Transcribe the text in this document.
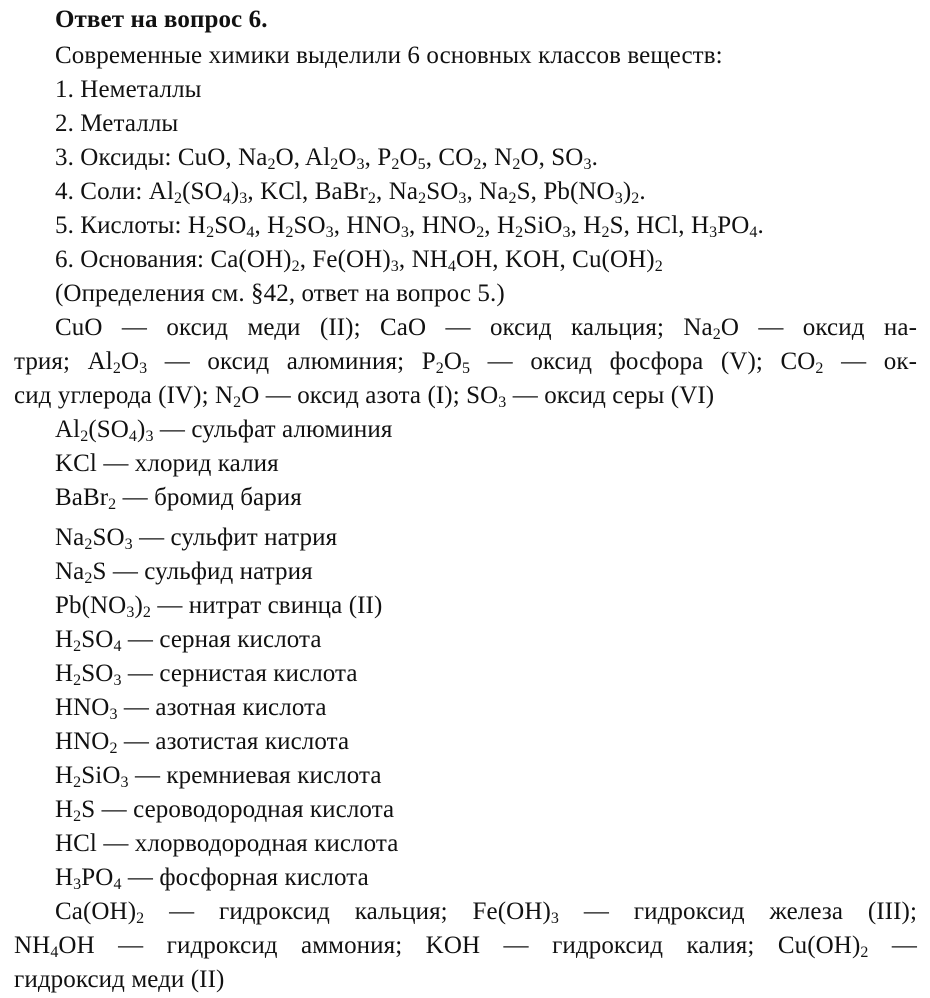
Ответ на вопрос 6.
Современные химики выделили 6 основных классов веществ:
1. Неметаллы
2. Металлы
3. Оксиды: CuO, $Na_2O$, $Al_2O_3$, $P_2O_5$, $CO_2$, $N_2O$, $SO_3$.
4. Соли: $Al_2(SO_4)_3$, KCl, BaBr$_2$, $Na_2SO_3$, $Na_2S$, $Pb(NO_3)_2$.
5. Кислоты: $H_2SO_4$, $H_2SO_3$, $HNO_3$, $HNO_2$, $H_2SiO_3$, $H_2S$, HCl, $H_3PO_4$.
6. Основания: $Ca(OH)_2$, $Fe(OH)_3$, $NH_4OH$, KOH, $Cu(OH)_2$
(Определения см. §42, ответ на вопрос 5.)
CuO — оксид меди (II); CaO — оксид кальция; $Na_2O$ — оксид на-
трия; $Al_2O_3$ — оксид алюминия; $P_2O_5$ — оксид фосфора (V); $CO_2$ — ок-
сид углерода (IV); $N_2O$ — оксид азота (I); $SO_3$ — оксид серы (VI)
$Al_2(SO_4)_3$ — сульфат алюминия
KCl — хлорид калия
BaBr$_2$ — бромид бария
$Na_2SO_3$ — сульфит натрия
$Na_2S$ — сульфид натрия
$Pb(NO_3)_2$ — нитрат свинца (II)
$H_2SO_4$ — серная кислота
$H_2SO_3$ — сернистая кислота
$HNO_3$ — азотная кислота
$HNO_2$ — азотистая кислота
$H_2SiO_3$ — кремниевая кислота
$H_2S$ — сероводородная кислота
HCl — хлорводородная кислота
$H_3PO_4$ — фосфорная кислота
$Ca(OH)_2$ — гидроксид кальция; $Fe(OH)_3$ — гидроксид железа (III);
$NH_4OH$ — гидроксид аммония; KOH — гидроксид калия; $Cu(OH)_2$ —
гидроксид меди (II)
